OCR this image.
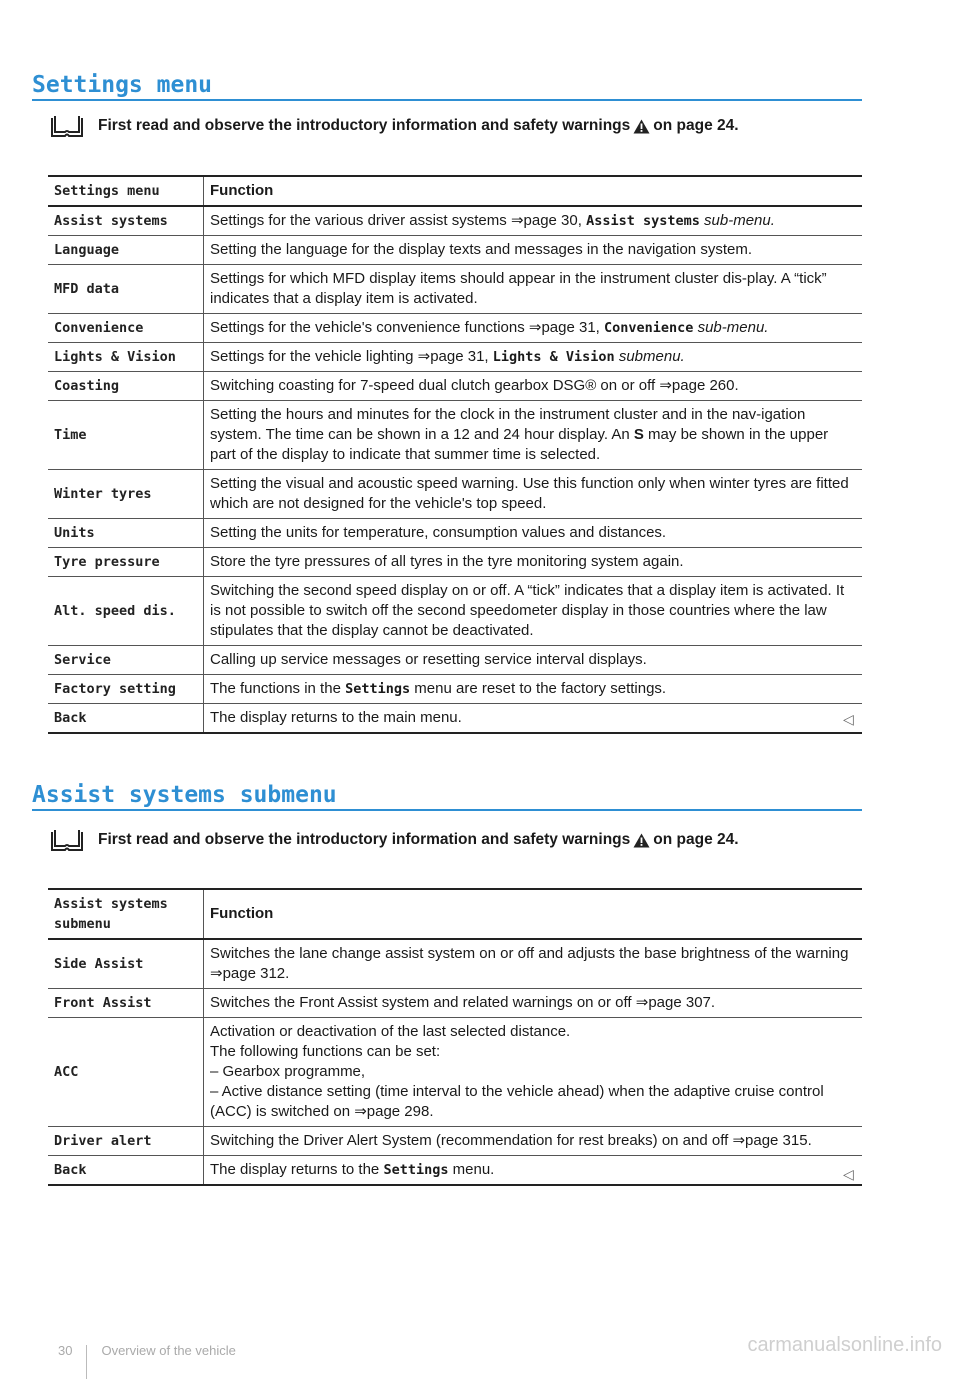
Settings menu
First read and observe the introductory information and safety warnings on page 24.
Settings menu	Function
Assist systems	Settings for the various driver assist systems ⇒page 30, Assist systems sub-menu.
Language	Setting the language for the display texts and messages in the navigation system.
MFD data	Settings for which MFD display items should appear in the instrument cluster dis-play. A “tick” indicates that a display item is activated.
Convenience	Settings for the vehicle's convenience functions ⇒page 31, Convenience sub-menu.
Lights & Vision	Settings for the vehicle lighting ⇒page 31, Lights & Vision submenu.
Coasting	Switching coasting for 7-speed dual clutch gearbox DSG® on or off ⇒page 260.
Time	Setting the hours and minutes for the clock in the instrument cluster and in the nav-igation system. The time can be shown in a 12 and 24 hour display. An S may be shown in the upper part of the display to indicate that summer time is selected.
Winter tyres	Setting the visual and acoustic speed warning. Use this function only when winter tyres are fitted which are not designed for the vehicle's top speed.
Units	Setting the units for temperature, consumption values and distances.
Tyre pressure	Store the tyre pressures of all tyres in the tyre monitoring system again.
Alt. speed dis.	Switching the second speed display on or off. A “tick” indicates that a display item is activated. It is not possible to switch off the second speedometer display in those countries where the law stipulates that the display cannot be deactivated.
Service	Calling up service messages or resetting service interval displays.
Factory setting	The functions in the Settings menu are reset to the factory settings.
Back	The display returns to the main menu.	◁
Assist systems submenu
First read and observe the introductory information and safety warnings on page 24.
Assist systems submenu	Function
Side Assist	Switches the lane change assist system on or off and adjusts the base brightness of the warning ⇒page 312.
Front Assist	Switches the Front Assist system and related warnings on or off ⇒page 307.
ACC	Activation or deactivation of the last selected distance.
The following functions can be set:
– Gearbox programme,
– Active distance setting (time interval to the vehicle ahead) when the adaptive cruise control (ACC) is switched on ⇒page 298.
Driver alert	Switching the Driver Alert System (recommendation for rest breaks) on and off ⇒page 315.
Back	The display returns to the Settings menu.	◁
30 Overview of the vehicle	carmanualsonline.info
